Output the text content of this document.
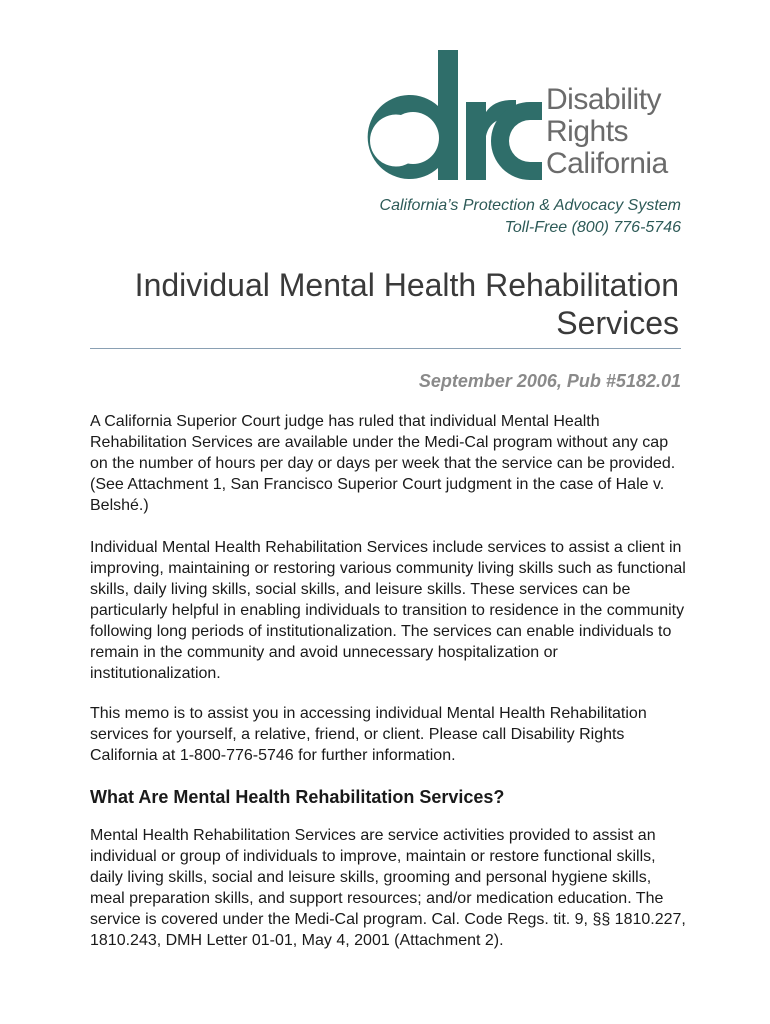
Disability
Rights
California
California’s Protection & Advocacy System
Toll-Free (800) 776-5746
Individual Mental Health Rehabilitation
Services
September 2006, Pub #5182.01

A California Superior Court judge has ruled that individual Mental Health Rehabilitation Services are available under the Medi-Cal program without any cap on the number of hours per day or days per week that the service can be provided. (See Attachment 1, San Francisco Superior Court judgment in the case of Hale v. Belshé.)

Individual Mental Health Rehabilitation Services include services to assist a client in improving, maintaining or restoring various community living skills such as functional skills, daily living skills, social skills, and leisure skills. These services can be particularly helpful in enabling individuals to transition to residence in the community following long periods of institutionalization. The services can enable individuals to remain in the community and avoid unnecessary hospitalization or institutionalization.

This memo is to assist you in accessing individual Mental Health Rehabilitation services for yourself, a relative, friend, or client. Please call Disability Rights California at 1-800-776-5746 for further information.

What Are Mental Health Rehabilitation Services?

Mental Health Rehabilitation Services are service activities provided to assist an individual or group of individuals to improve, maintain or restore functional skills, daily living skills, social and leisure skills, grooming and personal hygiene skills, meal preparation skills, and support resources; and/or medication education. The service is covered under the Medi-Cal program. Cal. Code Regs. tit. 9, §§ 1810.227, 1810.243, DMH Letter 01-01, May 4, 2001 (Attachment 2).
